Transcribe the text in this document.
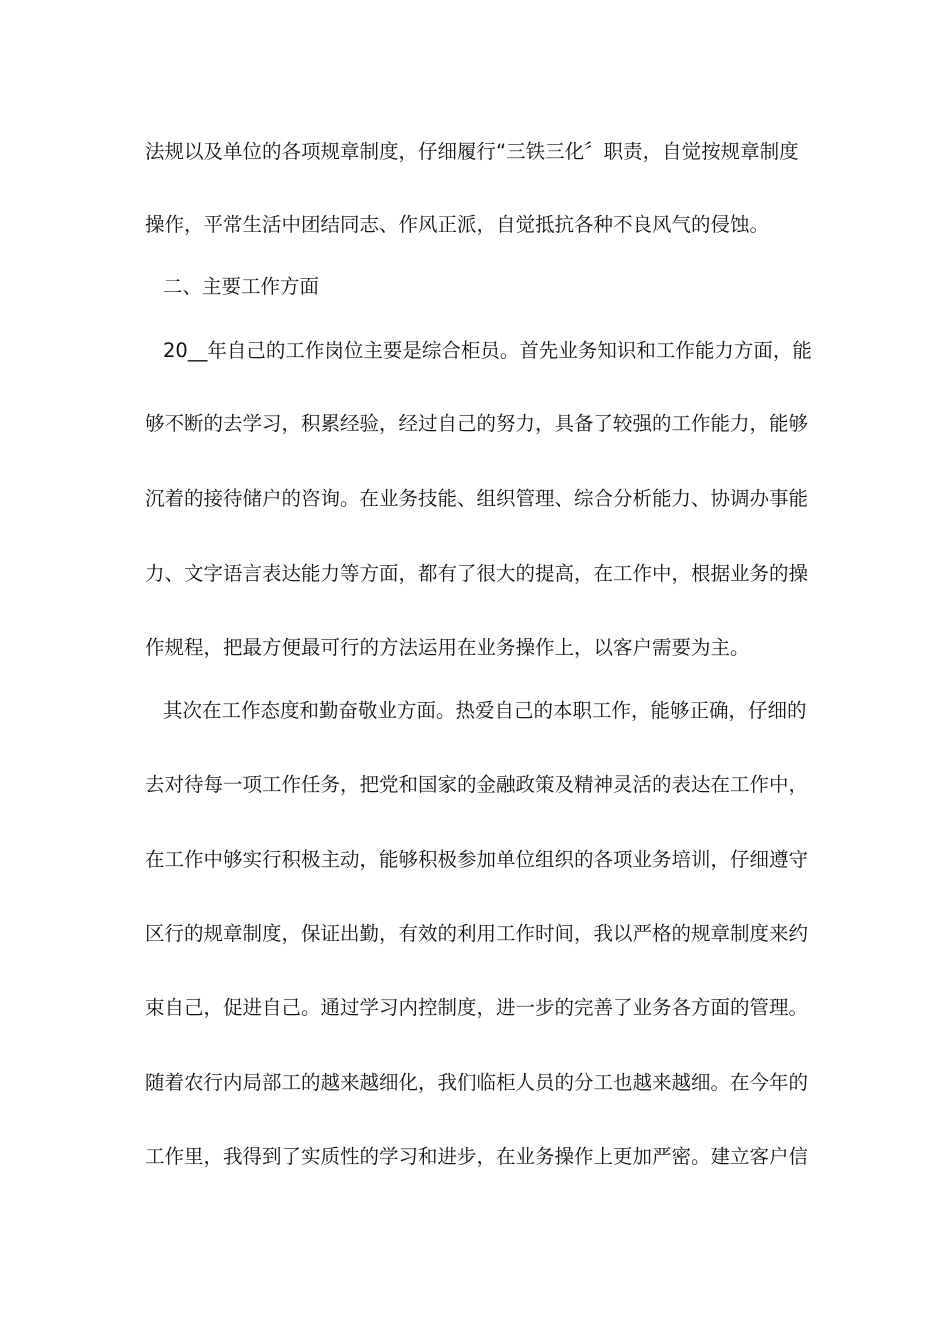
法规以及单位的各项规章制度，仔细履行“三铁三化〞职责，自觉按规章制度
操作，平常生活中团结同志、作风正派，自觉抵抗各种不良风气的侵蚀。
二、主要工作方面
20__年自己的工作岗位主要是综合柜员。首先业务知识和工作能力方面，能
够不断的去学习，积累经验，经过自己的努力，具备了较强的工作能力，能够
沉着的接待储户的咨询。在业务技能、组织管理、综合分析能力、协调办事能
力、文字语言表达能力等方面，都有了很大的提高，在工作中，根据业务的操
作规程，把最方便最可行的方法运用在业务操作上，以客户需要为主。
其次在工作态度和勤奋敬业方面。热爱自己的本职工作，能够正确，仔细的
去对待每一项工作任务，把党和国家的金融政策及精神灵活的表达在工作中，
在工作中够实行积极主动，能够积极参加单位组织的各项业务培训，仔细遵守
区行的规章制度，保证出勤，有效的利用工作时间，我以严格的规章制度来约
束自己，促进自己。通过学习内控制度，进一步的完善了业务各方面的管理。
随着农行内局部工的越来越细化，我们临柜人员的分工也越来越细。在今年的
工作里，我得到了实质性的学习和进步，在业务操作上更加严密。建立客户信
